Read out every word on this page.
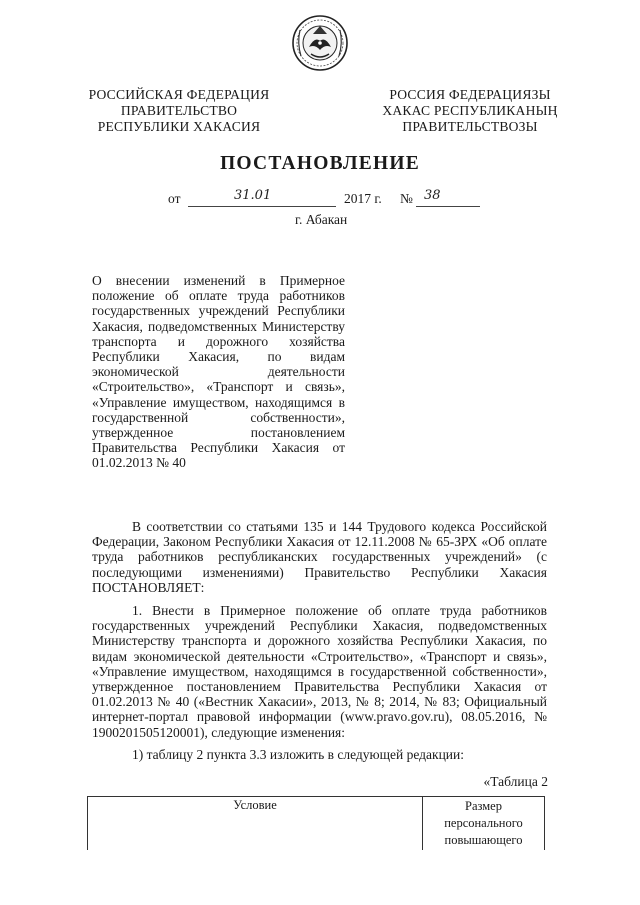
РОССИЙСКАЯ ФЕДЕРАЦИЯ
ПРАВИТЕЛЬСТВО
РЕСПУБЛИКИ ХАКАСИЯ
РОССИЯ ФЕДЕРАЦИЯЗЫ
ХАКАС РЕСПУБЛИКАНЫҢ
ПРАВИТЕЛЬСТВОЗЫ
ПОСТАНОВЛЕНИЕ
от	31.01	2017 г. № 38
г. Абакан
О внесении изменений в Примерное положение об оплате труда работников государственных учреждений Республики Хакасия, подведомственных Министерству транспорта и дорожного хозяйства Республики Хакасия, по видам экономической деятельности «Строительство», «Транспорт и связь», «Управление имуществом, находящимся в государственной собственности», утвержденное постановлением Правительства Республики Хакасия от 01.02.2013 № 40
В соответствии со статьями 135 и 144 Трудового кодекса Российской Федерации, Законом Республики Хакасия от 12.11.2008 № 65-ЗРХ «Об оплате труда работников республиканских государственных учреждений» (с последующими изменениями) Правительство Республики Хакасия ПОСТАНОВЛЯЕТ:
1. Внести в Примерное положение об оплате труда работников государственных учреждений Республики Хакасия, подведомственных Министерству транспорта и дорожного хозяйства Республики Хакасия, по видам экономической деятельности «Строительство», «Транспорт и связь», «Управление имуществом, находящимся в государственной собственности», утвержденное постановлением Правительства Республики Хакасия от 01.02.2013 № 40 («Вестник Хакасии», 2013, № 8; 2014, № 83; Официальный интернет-портал правовой информации (www.pravo.gov.ru), 08.05.2016, № 1900201505120001), следующие изменения:
1) таблицу 2 пункта 3.3 изложить в следующей редакции:
«Таблица 2
Условие	Размер
персонального
повышающего
